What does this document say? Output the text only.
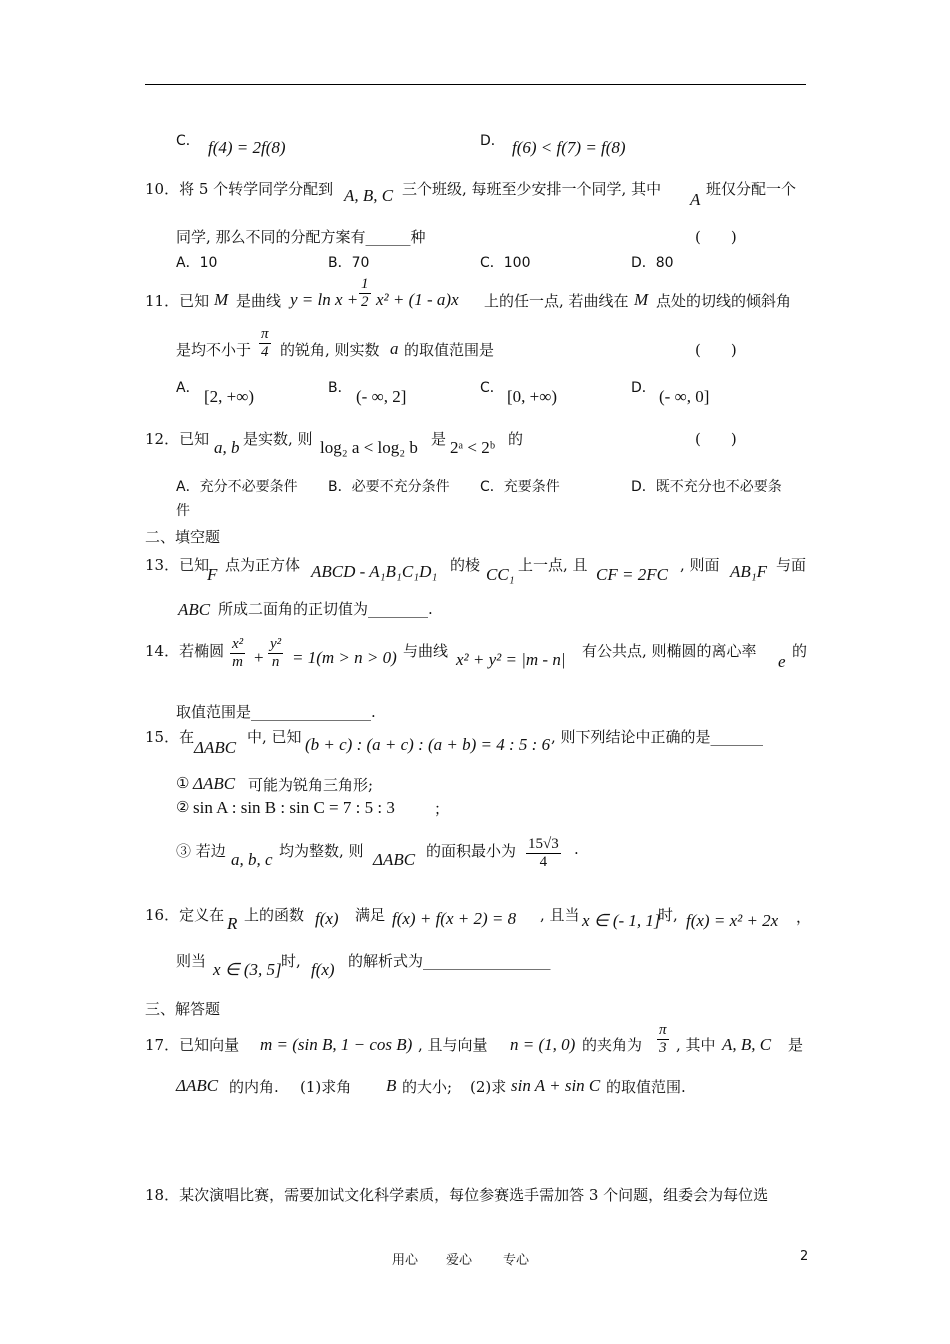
C． f(4) = 2f(8)	D． f(6) < f(7) = f(8)
10．将 5 个转学同学分配到 A, B, C 三个班级, 每班至少安排一个同学, 其中
A
班仅分配一个
同学, 那么不同的分配方案有______种	(　　)
A．10	B．70	C．100	D．80
11．已知 M 是曲线 $y = \ln x + \frac{1}{2} x^2 + (1 - a)x$ 上的任一点, 若曲线在 M 点处的切线的倾斜角
是均不小于 $\frac{\pi}{4}$ 的锐角, 则实数 a 的取值范围是	(　　)
A． [2, +∞)	B． (- ∞, 2]	C． [0, +∞)	D． (- ∞, 0]
12．已知 a, b 是实数, 则 log₂ a < log₂ b 是 2ᵃ < 2ᵇ 的	(　　)
A．充分不必要条件 B．必要不充分条件 C．充要条件	D．既不充分也不必要条
件
二、填空题
13．已知
F 点为正方体 ABCD - A₁B₁C₁D₁ 的棱 CC₁ 上一点, 且 CF = 2FC , 则面 AB₁F 与面
ABC 所成二面角的正切值为________.
14．若椭圆 $\frac{\text{x²}}{m} + \frac{\text{y²}}{n} = 1(m > n > 0)$ 与曲线 x² + y² = |m - n| 有公共点, 则椭圆的离心率
e
的
取值范围是________________.
15．在
ΔABC
中, 已知 (b + c) : (a + c) : (a + b) = 4 : 5 : 6 , 则下列结论中正确的是_______
① ΔABC 可能为锐角三角形;
② sin A : sin B : sin C = 7 : 5 : 3	；
③ 若边 a, b, c 均为整数, 则 ΔABC 的面积最小为 $\frac{15√3}{4}$ .
16．定义在 R 上的函数 f(x) 满足 f(x) + f(x + 2) = 8 , 且当 x ∈ (- 1, 1]
时, f(x) = x² + 2x ，
则当 x ∈ (3, 5] 时, f(x) 的解析式为_________________
三、解答题
17．已知向量 m = (sin B, 1 − cos B) , 且与向量 n = (1, 0) 的夹角为 $\frac{\pi}{3}$ , 其中 A, B, C 是
ΔABC 的内角. (1)求角 B 的大小; (2)求 sin A + sin C 的取值范围.
18．某次演唱比赛，需要加试文化科学素质，每位参赛选手需加答 3 个问题，组委会为每位选
用心 爱心 专心	2
